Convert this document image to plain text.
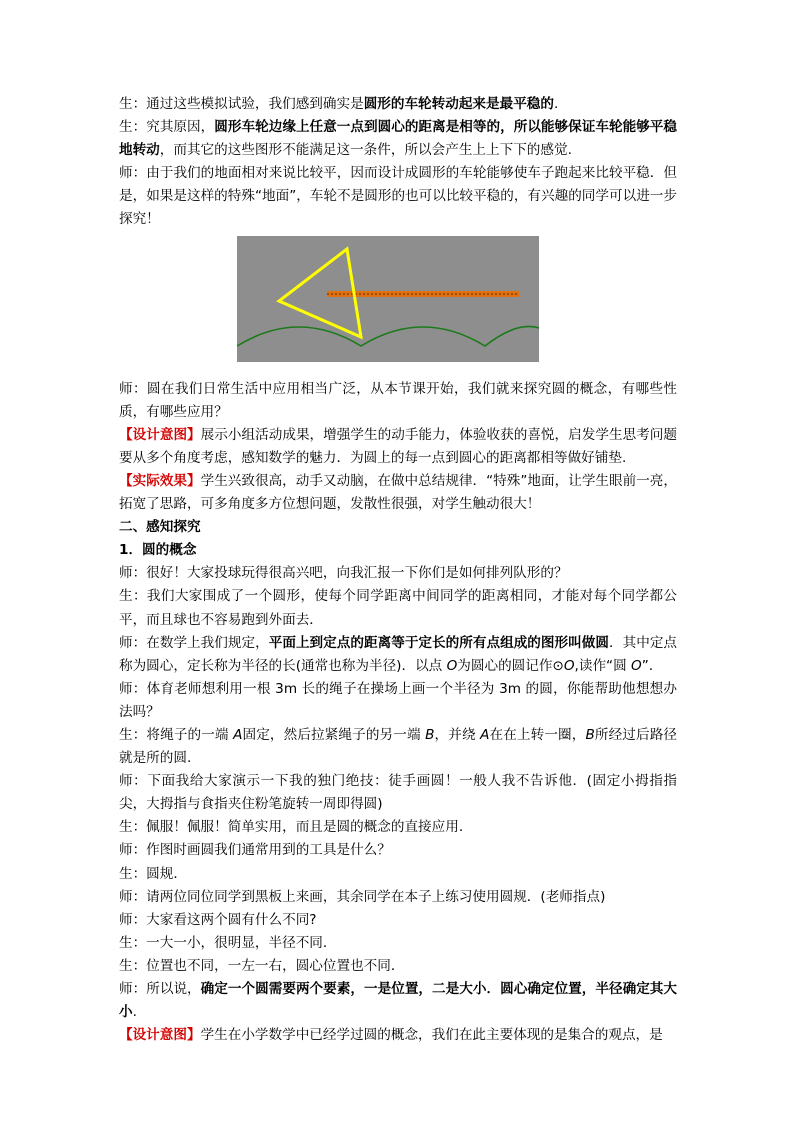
生：通过这些模拟试验，我们感到确实是圆形的车轮转动起来是最平稳的.

生：究其原因，圆形车轮边缘上任意一点到圆心的距离是相等的，所以能够保证车轮能够平稳地转动，而其它的这些图形不能满足这一条件，所以会产生上上下下的感觉.

师：由于我们的地面相对来说比较平，因而设计成圆形的车轮能够使车子跑起来比较平稳．但是，如果是这样的特殊“地面”，车轮不是圆形的也可以比较平稳的，有兴趣的同学可以进一步探究！

师：圆在我们日常生活中应用相当广泛，从本节课开始，我们就来探究圆的概念，有哪些性质，有哪些应用？

【设计意图】展示小组活动成果，增强学生的动手能力，体验收获的喜悦，启发学生思考问题要从多个角度考虑，感知数学的魅力．为圆上的每一点到圆心的距离都相等做好铺垫.

【实际效果】学生兴致很高，动手又动脑，在做中总结规律．“特殊”地面，让学生眼前一亮，拓宽了思路，可多角度多方位想问题，发散性很强，对学生触动很大！

二、感知探究

1．圆的概念

师：很好！大家投球玩得很高兴吧，向我汇报一下你们是如何排列队形的？

生：我们大家围成了一个圆形，使每个同学距离中间同学的距离相同，才能对每个同学都公平，而且球也不容易跑到外面去．

师：在数学上我们规定，平面上到定点的距离等于定长的所有点组成的图形叫做圆．其中定点称为圆心，定长称为半径的长(通常也称为半径)．以点 O为圆心的圆记作⊙O,读作“圆 O”.

师：体育老师想利用一根 3m 长的绳子在操场上画一个半径为 3m 的圆，你能帮助他想想办法吗？

生：将绳子的一端 A固定，然后拉紧绳子的另一端 B，并绕 A在在上转一圈，B所经过后路径就是所的圆.

师：下面我给大家演示一下我的独门绝技：徒手画圆！一般人我不告诉他．(固定小拇指指尖，大拇指与食指夹住粉笔旋转一周即得圆)

生：佩服！佩服！简单实用，而且是圆的概念的直接应用．

师：作图时画圆我们通常用到的工具是什么？

生：圆规．

师：请两位同位同学到黑板上来画，其余同学在本子上练习使用圆规．(老师指点)

师：大家看这两个圆有什么不同?

生：一大一小，很明显，半径不同．

生：位置也不同，一左一右，圆心位置也不同．

师：所以说，确定一个圆需要两个要素，一是位置，二是大小．圆心确定位置，半径确定其大小.

【设计意图】学生在小学数学中已经学过圆的概念，我们在此主要体现的是集合的观点，是
